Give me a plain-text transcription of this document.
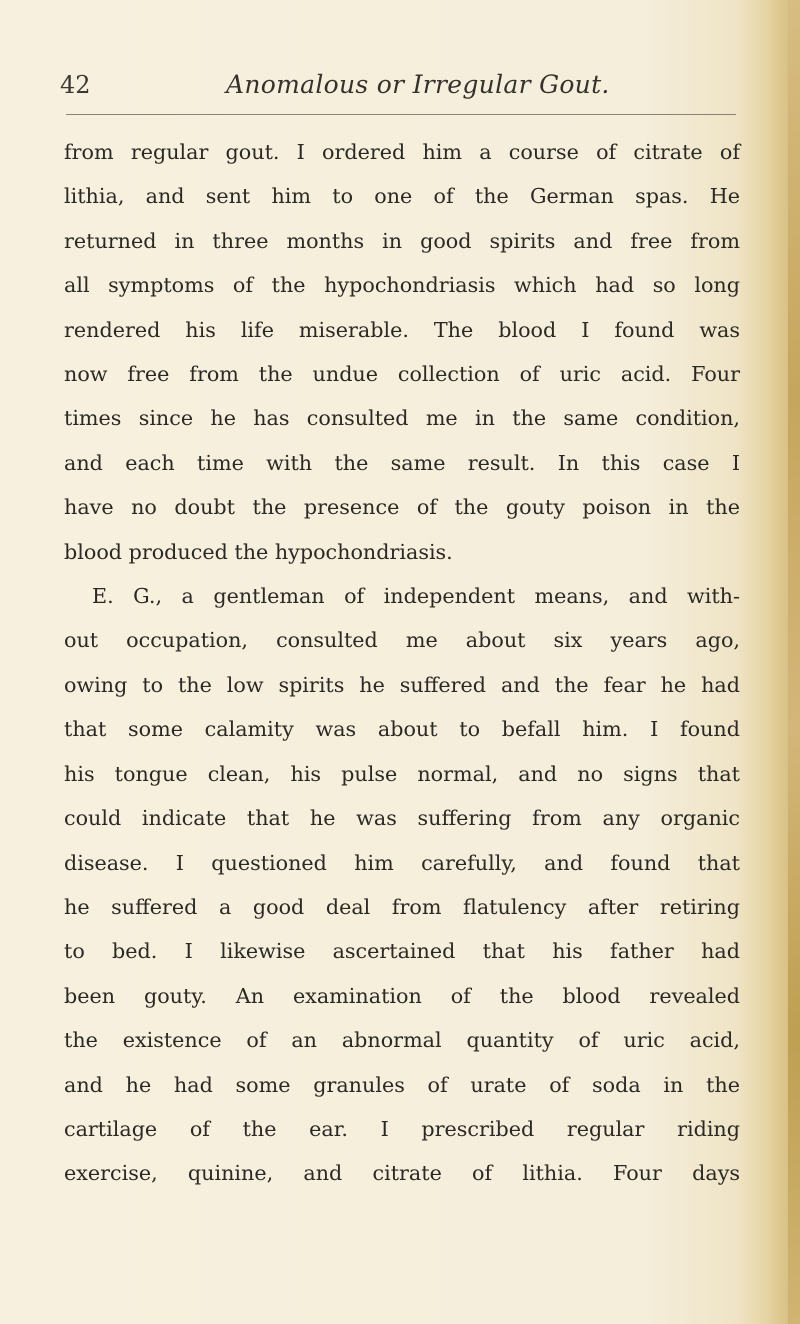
42	Anomalous or Irregular Gout.
from regular gout. I ordered him a course of citrate of
lithia, and sent him to one of the German spas. He
returned in three months in good spirits and free from
all symptoms of the hypochondriasis which had so long
rendered his life miserable. The blood I found was
now free from the undue collection of uric acid. Four
times since he has consulted me in the same condition,
and each time with the same result. In this case I
have no doubt the presence of the gouty poison in the
blood produced the hypochondriasis.
E. G., a gentleman of independent means, and with-
out occupation, consulted me about six years ago,
owing to the low spirits he suffered and the fear he had
that some calamity was about to befall him. I found
his tongue clean, his pulse normal, and no signs that
could indicate that he was suffering from any organic
disease. I questioned him carefully, and found that
he suffered a good deal from flatulency after retiring
to bed. I likewise ascertained that his father had
been gouty. An examination of the blood revealed
the existence of an abnormal quantity of uric acid,
and he had some granules of urate of soda in the
cartilage of the ear. I prescribed regular riding
exercise, quinine, and citrate of lithia. Four days
